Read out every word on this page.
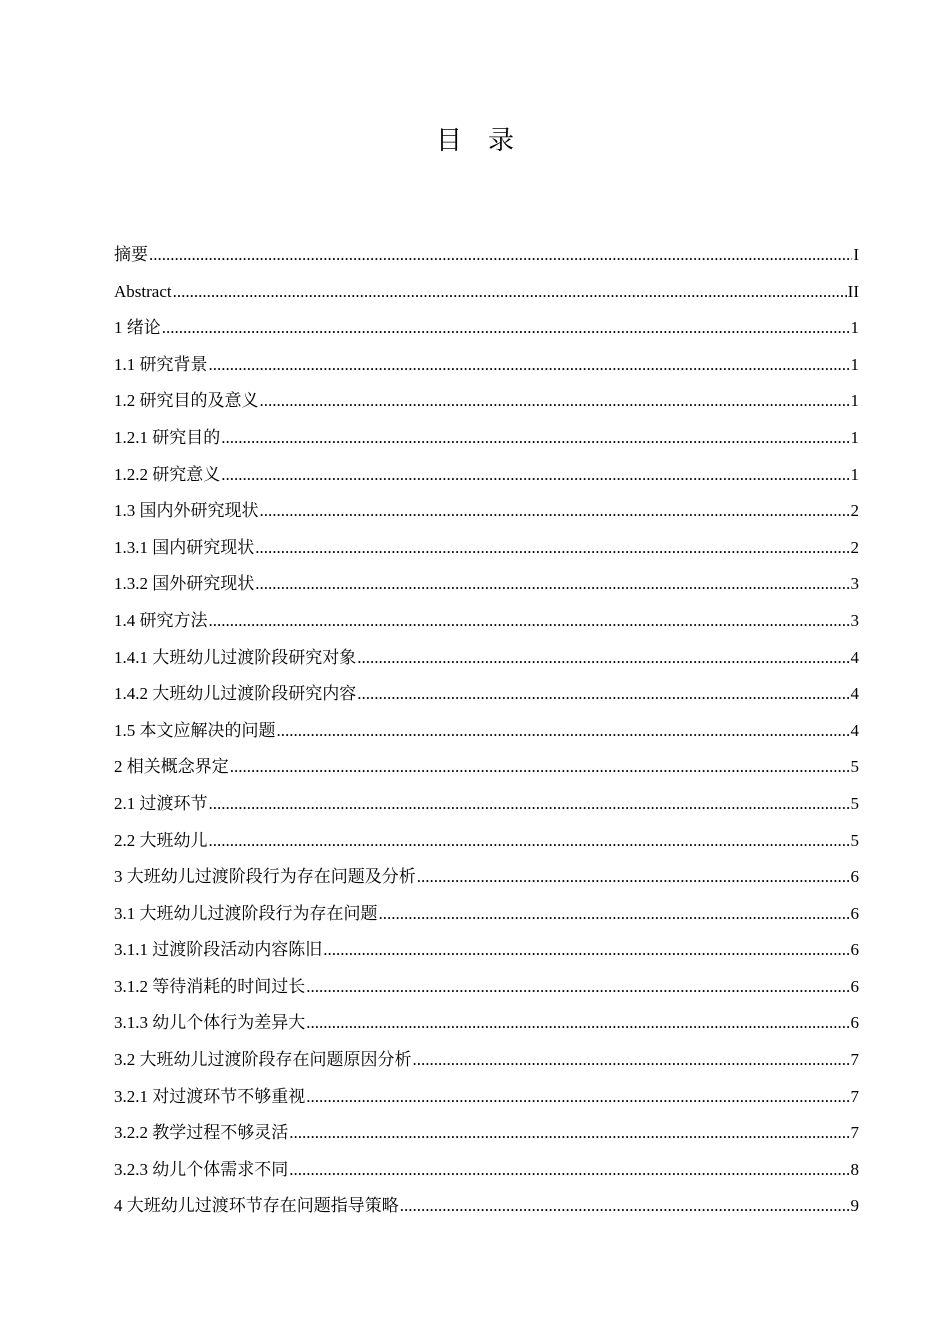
目 录
摘要 .....	I
Abstract .....	II
1 绪论 .....	1
1.1 研究背景 .....	1
1.2 研究目的及意义 .....	1
1.2.1 研究目的 .....	1
1.2.2 研究意义 .....	1
1.3 国内外研究现状 .....	2
1.3.1 国内研究现状 .....	2
1.3.2 国外研究现状 .....	3
1.4 研究方法 .....	3
1.4.1 大班幼儿过渡阶段研究对象 .....	4
1.4.2 大班幼儿过渡阶段研究内容 .....	4
1.5 本文应解决的问题 .....	4
2 相关概念界定 .....	5
2.1 过渡环节 .....	5
2.2 大班幼儿 .....	5
3 大班幼儿过渡阶段行为存在问题及分析 .....	6
3.1 大班幼儿过渡阶段行为存在问题 .....	6
3.1.1 过渡阶段活动内容陈旧 .....	6
3.1.2 等待消耗的时间过长 .....	6
3.1.3 幼儿个体行为差异大 .....	6
3.2 大班幼儿过渡阶段存在问题原因分析 .....	7
3.2.1 对过渡环节不够重视 .....	7
3.2.2 教学过程不够灵活 .....	7
3.2.3 幼儿个体需求不同 .....	8
4 大班幼儿过渡环节存在问题指导策略 .....	9
